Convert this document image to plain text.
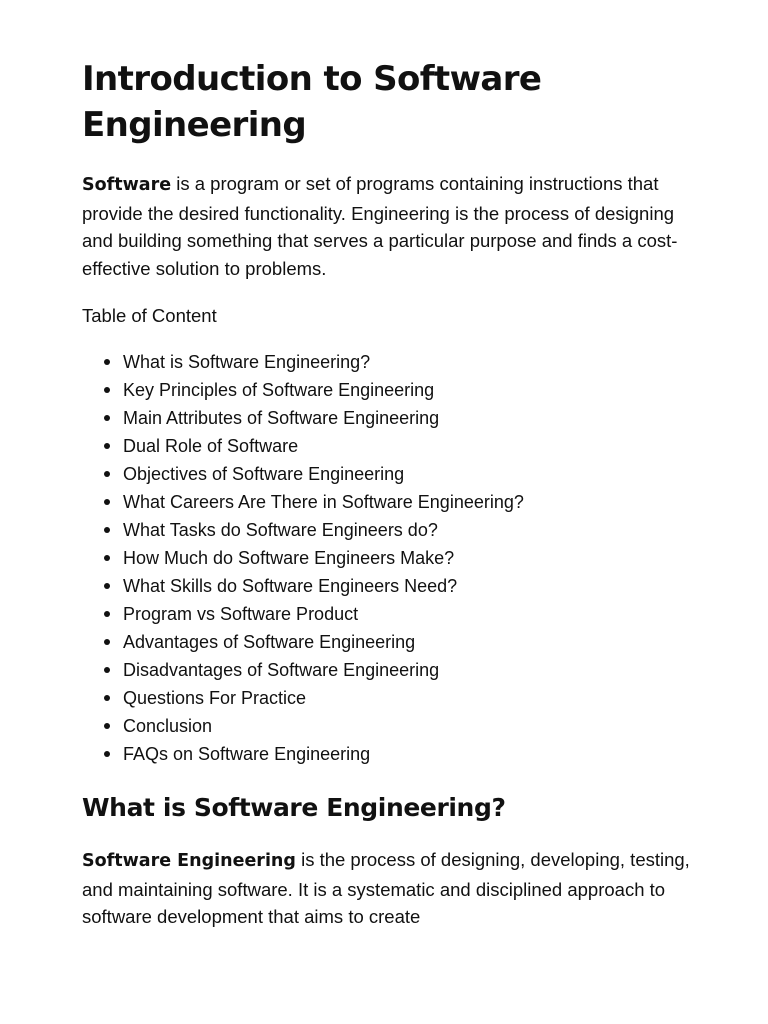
Introduction to Software Engineering

Software is a program or set of programs containing instructions that provide the desired functionality. Engineering is the process of designing and building something that serves a particular purpose and finds a cost-effective solution to problems.

Table of Content

What is Software Engineering?
Key Principles of Software Engineering
Main Attributes of Software Engineering
Dual Role of Software
Objectives of Software Engineering
What Careers Are There in Software Engineering?
What Tasks do Software Engineers do?
How Much do Software Engineers Make?
What Skills do Software Engineers Need?
Program vs Software Product
Advantages of Software Engineering
Disadvantages of Software Engineering
Questions For Practice
Conclusion
FAQs on Software Engineering
What is Software Engineering?

Software Engineering is the process of designing, developing, testing, and maintaining software. It is a systematic and disciplined approach to software development that aims to create
